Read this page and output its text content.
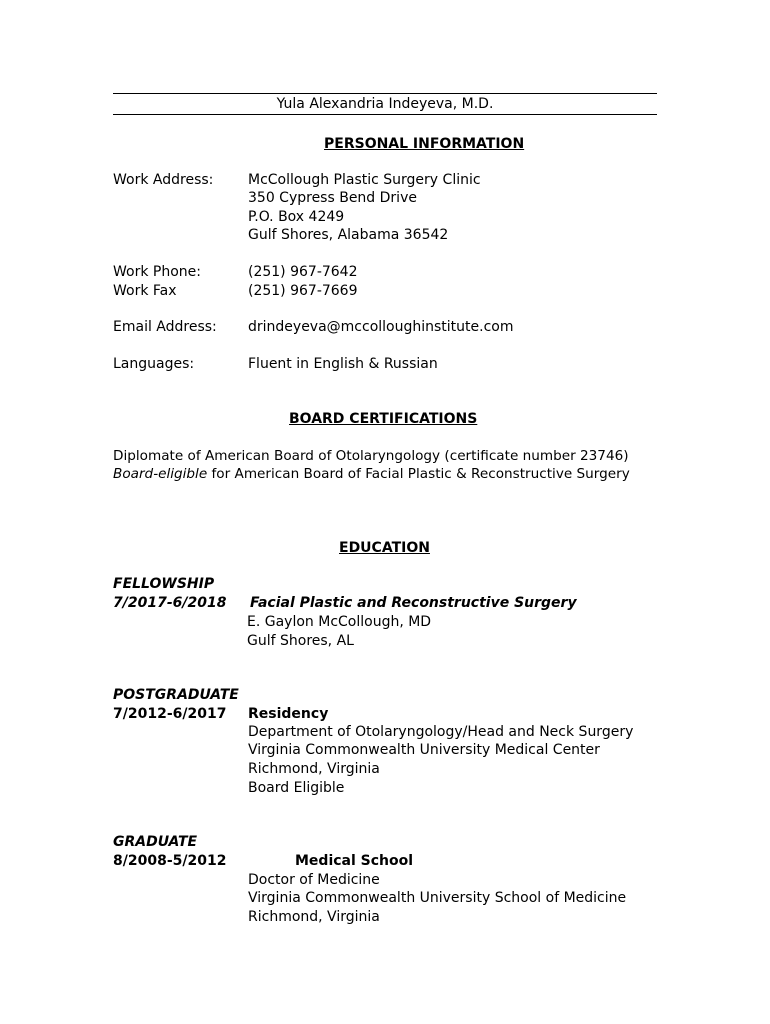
Yula Alexandria Indeyeva, M.D.
PERSONAL INFORMATION
Work Address: McCollough Plastic Surgery Clinic
350 Cypress Bend Drive
P.O. Box 4249
Gulf Shores, Alabama 36542
Work Phone:	(251) 967-7642
Work Fax	(251) 967-7669
Email Address: drindeyeva@mccolloughinstitute.com
Languages:	Fluent in English & Russian
BOARD CERTIFICATIONS
Diplomate of American Board of Otolaryngology (certificate number 23746)
Board-eligible for American Board of Facial Plastic & Reconstructive Surgery
EDUCATION
FELLOWSHIP
7/2017-6/2018 Facial Plastic and Reconstructive Surgery
E. Gaylon McCollough, MD
Gulf Shores, AL
POSTGRADUATE
7/2012-6/2017 Residency
Department of Otolaryngology/Head and Neck Surgery
Virginia Commonwealth University Medical Center
Richmond, Virginia
Board Eligible
GRADUATE
8/2008-5/2012	Medical School
Doctor of Medicine
Virginia Commonwealth University School of Medicine
Richmond, Virginia
